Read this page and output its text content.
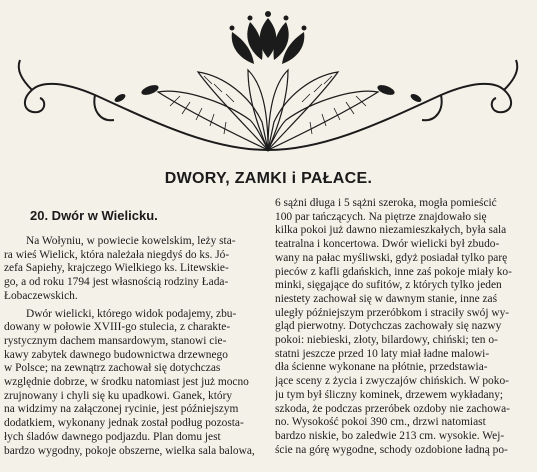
DWORY, ZAMKI i PAŁACE.
20. Dwór w Wielicku.
Na Wołyniu, w powiecie kowelskim, leży sta-
ra wieś Wielick, która należała niegdyś do ks. Jó-
zefa Sapiehy, krajczego Wielkiego ks. Litewskie-
go, a od roku 1794 jest własnością rodziny Łada-
Łobaczewskich.
Dwór wielicki, którego widok podajemy, zbu-
dowany w połowie XVIII-go stulecia, z charakte-
rystycznym dachem mansardowym, stanowi cie-
kawy zabytek dawnego budownictwa drzewnego
w Polsce; na zewnątrz zachował się dotychczas
względnie dobrze, w środku natomiast jest już mocno
zrujnowany i chyli się ku upadkowi. Ganek, który
na widzimy na załączonej rycinie, jest późniejszym
dodatkiem, wykonany jednak został podług pozosta-
łych śladów dawnego podjazdu. Plan domu jest
bardzo wygodny, pokoje obszerne, wielka sala balowa,
6 sążni długa i 5 sążni szeroka, mogła pomieścić
100 par tańczących. Na piętrze znajdowało się
kilka pokoi już dawno niezamieszkałych, była sala
teatralna i koncertowa. Dwór wielicki był zbudo-
wany na pałac myśliwski, gdyż posiadał tylko parę
pieców z kafli gdańskich, inne zaś pokoje miały ko-
minki, sięgające do sufitów, z których tylko jeden
niestety zachował się w dawnym stanie, inne zaś
uległy późniejszym przeróbkom i straciły swój wy-
gląd pierwotny. Dotychczas zachowały się nazwy
pokoi: niebieski, złoty, bilardowy, chiński; ten o-
statni jeszcze przed 10 laty miał ładne malowi-
dła ścienne wykonane na płótnie, przedstawia-
jące sceny z życia i zwyczajów chińskich. W poko-
ju tym był śliczny kominek, drzewem wykładany;
szkoda, że podczas przeróbek ozdoby nie zachowa-
no. Wysokość pokoi 390 cm., drzwi natomiast
bardzo niskie, bo zaledwie 213 cm. wysokie. Wej-
ście na górę wygodne, schody ozdobione ładną po-
